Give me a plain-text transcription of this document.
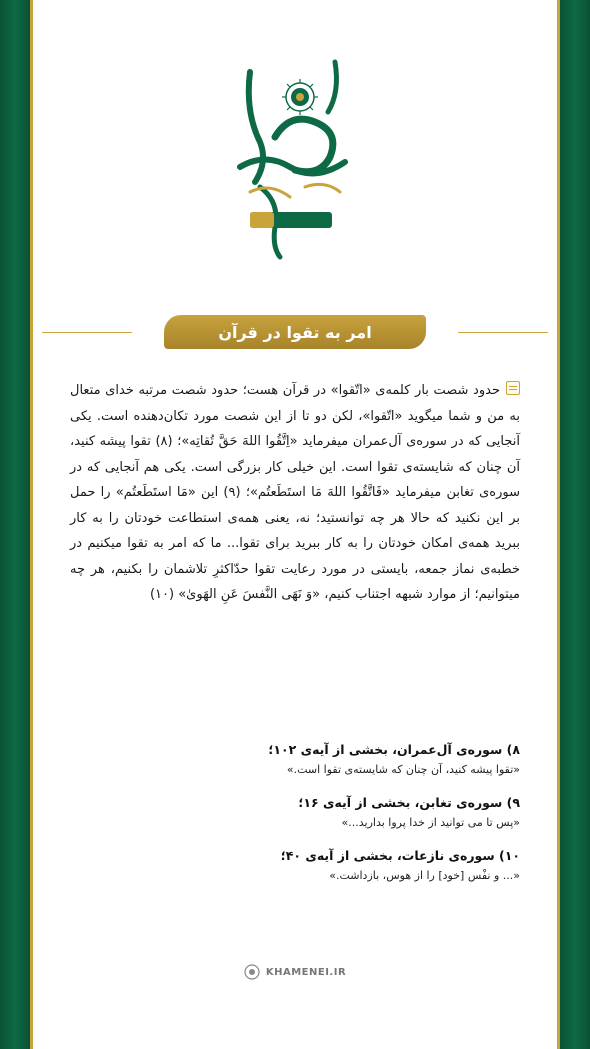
امر به تقوا در قرآن
حدود شصت بار کلمه‌ی «اتّقوا» در قرآن هست؛ حدود شصت مرتبه خدای متعال به من و شما میگوید «اتّقوا»، لکن دو تا از این شصت مورد تکان‌دهنده است. یکی آنجایی که در سوره‌ی آل‌عمران میفرماید «اِتَّقُوا اللهَ حَقَّ تُقاتِه»؛ (۸) تقوا پیشه کنید، آن چنان که شایسته‌ی تقوا است. این خیلی کار بزرگی است. یکی هم آنجایی که در سوره‌ی تغابن میفرماید «فَاتَّقُوا اللهَ مَا استَطَعتُم»؛ (۹) این «مَا استَطَعتُم» را حمل بر این نکنید که حالا هر چه توانستید؛ نه، یعنی همه‌ی استطاعت خودتان را به کار ببرید همه‌ی امکان خودتان را به کار ببرید برای تقوا... ما که امر به تقوا میکنیم در خطبه‌ی نماز جمعه، بایستی در مورد رعایت تقوا حدّاکثرِ تلاشمان را بکنیم، هر چه میتوانیم؛ از موارد شبهه اجتناب کنیم، «وَ نَهَی النَّفسَ عَنِ الهَویٰ» (۱۰)
۸) سوره‌ی آل‌عمران، بخشی از آیه‌ی ۱۰۲؛
«تقوا پیشه کنید، آن چنان که شایسته‌ی تقوا است.»
۹) سوره‌ی تغابن، بخشی از آیه‌ی ۱۶؛
«پس تا می توانید از خدا پروا بدارید...»
۱۰) سوره‌ی نازعات، بخشی از آیه‌ی ۴۰؛
«... و نفْس [خود] را از هوس، بازداشت.»
KHAMENEI.IR
